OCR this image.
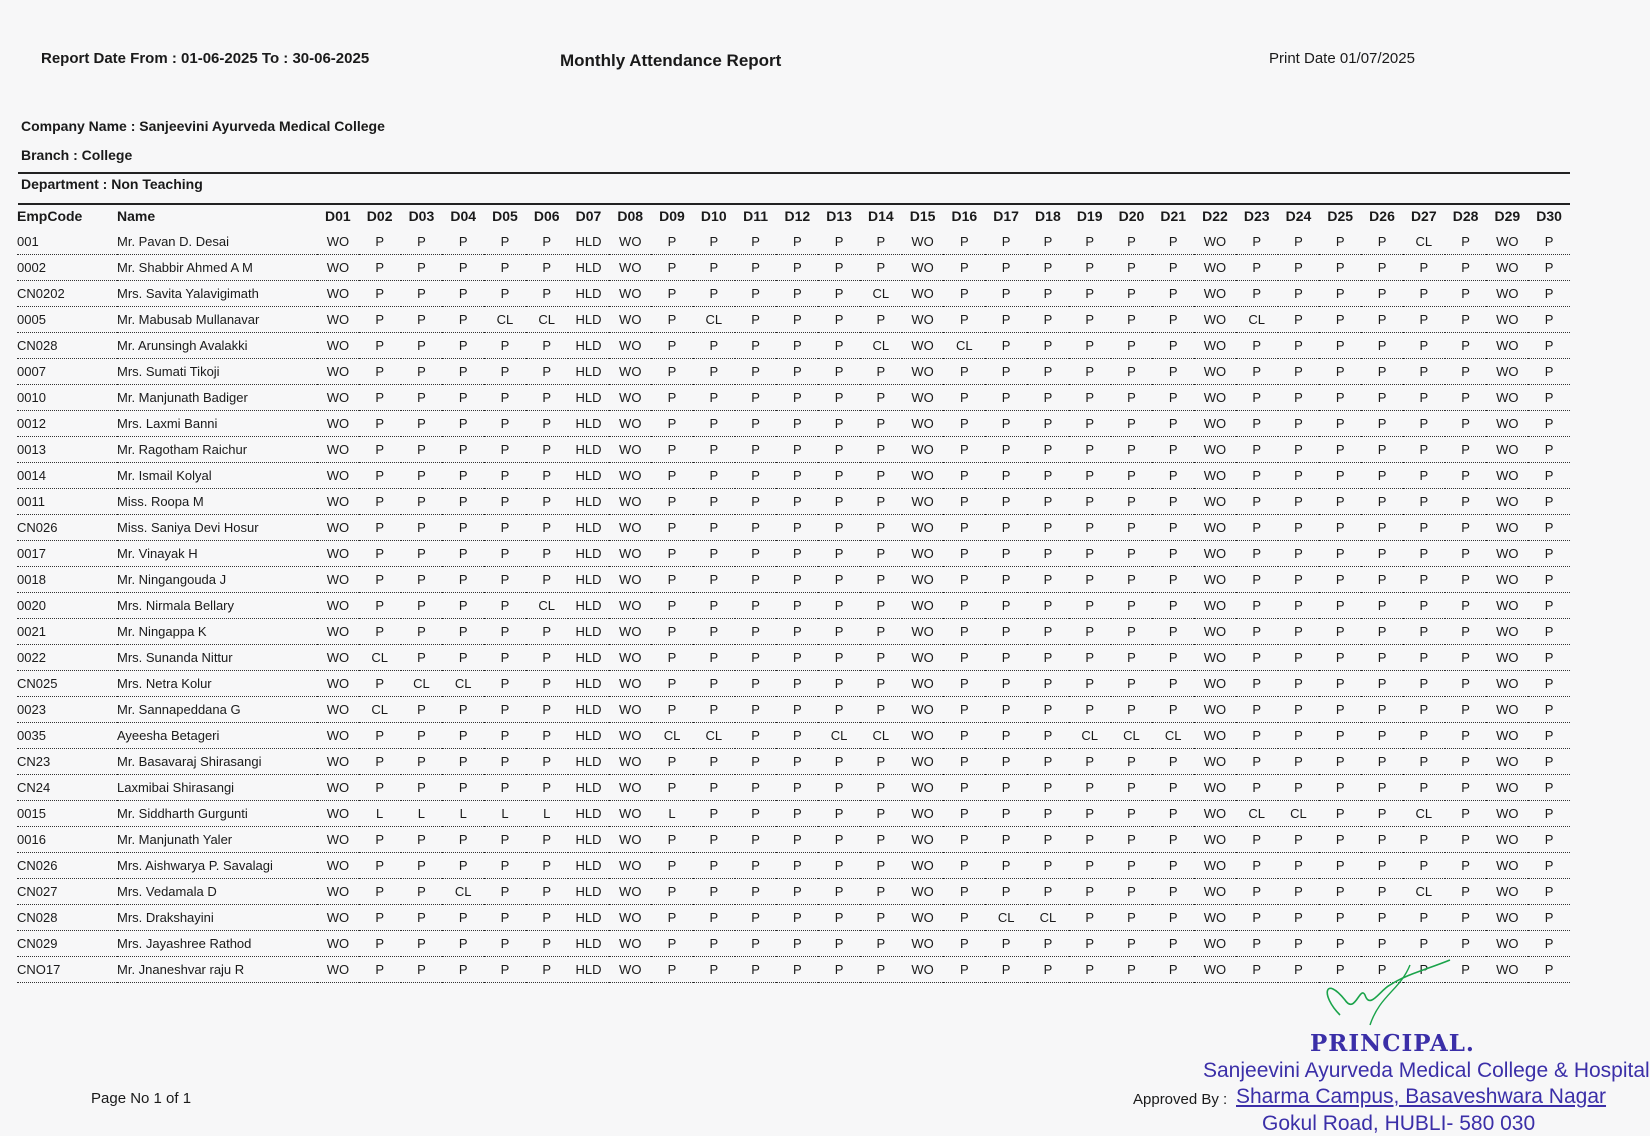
Report Date From : 01-06-2025 To : 30-06-2025	Monthly Attendance Report	Print Date 01/07/2025
Company Name : Sanjeevini Ayurveda Medical College
Branch : College
Department : Non Teaching
EmpCode	Name	D01	D02	D03	D04	D05	D06	D07	D08	D09	D10	D11	D12	D13	D14	D15	D16	D17	D18	D19	D20	D21	D22	D23	D24	D25	D26	D27	D28	D29	D30
001	Mr. Pavan D. Desai	WO	P	P	P	P	P	HLD	WO	P	P	P	P	P	P	WO	P	P	P	P	P	P	WO	P	P	P	P	CL	P	WO	P
0002	Mr. Shabbir Ahmed A M	WO	P	P	P	P	P	HLD	WO	P	P	P	P	P	P	WO	P	P	P	P	P	P	WO	P	P	P	P	P	P	WO	P
CN0202	Mrs. Savita Yalavigimath	WO	P	P	P	P	P	HLD	WO	P	P	P	P	P	CL	WO	P	P	P	P	P	P	WO	P	P	P	P	P	P	WO	P
0005	Mr. Mabusab Mullanavar	WO	P	P	P	CL	CL	HLD	WO	P	CL	P	P	P	P	WO	P	P	P	P	P	P	WO	CL	P	P	P	P	P	WO	P
CN028	Mr. Arunsingh Avalakki	WO	P	P	P	P	P	HLD	WO	P	P	P	P	P	CL	WO	CL	P	P	P	P	P	WO	P	P	P	P	P	P	WO	P
0007	Mrs. Sumati Tikoji	WO	P	P	P	P	P	HLD	WO	P	P	P	P	P	P	WO	P	P	P	P	P	P	WO	P	P	P	P	P	P	WO	P
0010	Mr. Manjunath Badiger	WO	P	P	P	P	P	HLD	WO	P	P	P	P	P	P	WO	P	P	P	P	P	P	WO	P	P	P	P	P	P	WO	P
0012	Mrs. Laxmi Banni	WO	P	P	P	P	P	HLD	WO	P	P	P	P	P	P	WO	P	P	P	P	P	P	WO	P	P	P	P	P	P	WO	P
0013	Mr. Ragotham Raichur	WO	P	P	P	P	P	HLD	WO	P	P	P	P	P	P	WO	P	P	P	P	P	P	WO	P	P	P	P	P	P	WO	P
0014	Mr. Ismail Kolyal	WO	P	P	P	P	P	HLD	WO	P	P	P	P	P	P	WO	P	P	P	P	P	P	WO	P	P	P	P	P	P	WO	P
0011	Miss. Roopa M	WO	P	P	P	P	P	HLD	WO	P	P	P	P	P	P	WO	P	P	P	P	P	P	WO	P	P	P	P	P	P	WO	P
CN026	Miss. Saniya Devi Hosur	WO	P	P	P	P	P	HLD	WO	P	P	P	P	P	P	WO	P	P	P	P	P	P	WO	P	P	P	P	P	P	WO	P
0017	Mr. Vinayak H	WO	P	P	P	P	P	HLD	WO	P	P	P	P	P	P	WO	P	P	P	P	P	P	WO	P	P	P	P	P	P	WO	P
0018	Mr. Ningangouda J	WO	P	P	P	P	P	HLD	WO	P	P	P	P	P	P	WO	P	P	P	P	P	P	WO	P	P	P	P	P	P	WO	P
0020	Mrs. Nirmala Bellary	WO	P	P	P	P	CL	HLD	WO	P	P	P	P	P	P	WO	P	P	P	P	P	P	WO	P	P	P	P	P	P	WO	P
0021	Mr. Ningappa K	WO	P	P	P	P	P	HLD	WO	P	P	P	P	P	P	WO	P	P	P	P	P	P	WO	P	P	P	P	P	P	WO	P
0022	Mrs. Sunanda Nittur	WO	CL	P	P	P	P	HLD	WO	P	P	P	P	P	P	WO	P	P	P	P	P	P	WO	P	P	P	P	P	P	WO	P
CN025	Mrs. Netra Kolur	WO	P	CL	CL	P	P	HLD	WO	P	P	P	P	P	P	WO	P	P	P	P	P	P	WO	P	P	P	P	P	P	WO	P
0023	Mr. Sannapeddana G	WO	CL	P	P	P	P	HLD	WO	P	P	P	P	P	P	WO	P	P	P	P	P	P	WO	P	P	P	P	P	P	WO	P
0035	Ayeesha Betageri	WO	P	P	P	P	P	HLD	WO	CL	CL	P	P	CL	CL	WO	P	P	P	CL	CL	CL	WO	P	P	P	P	P	P	WO	P
CN23	Mr. Basavaraj Shirasangi	WO	P	P	P	P	P	HLD	WO	P	P	P	P	P	P	WO	P	P	P	P	P	P	WO	P	P	P	P	P	P	WO	P
CN24	Laxmibai Shirasangi	WO	P	P	P	P	P	HLD	WO	P	P	P	P	P	P	WO	P	P	P	P	P	P	WO	P	P	P	P	P	P	WO	P
0015	Mr. Siddharth Gurgunti	WO	L	L	L	L	L	HLD	WO	L	P	P	P	P	P	WO	P	P	P	P	P	P	WO	CL	CL	P	P	CL	P	WO	P
0016	Mr. Manjunath Yaler	WO	P	P	P	P	P	HLD	WO	P	P	P	P	P	P	WO	P	P	P	P	P	P	WO	P	P	P	P	P	P	WO	P
CN026	Mrs. Aishwarya P. Savalagi	WO	P	P	P	P	P	HLD	WO	P	P	P	P	P	P	WO	P	P	P	P	P	P	WO	P	P	P	P	P	P	WO	P
CN027	Mrs. Vedamala D	WO	P	P	CL	P	P	HLD	WO	P	P	P	P	P	P	WO	P	P	P	P	P	P	WO	P	P	P	P	CL	P	WO	P
CN028	Mrs. Drakshayini	WO	P	P	P	P	P	HLD	WO	P	P	P	P	P	P	WO	P	CL	CL	P	P	P	WO	P	P	P	P	P	P	WO	P
CN029	Mrs. Jayashree Rathod	WO	P	P	P	P	P	HLD	WO	P	P	P	P	P	P	WO	P	P	P	P	P	P	WO	P	P	P	P	P	P	WO	P
CNO17	Mr. Jnaneshvar raju R	WO	P	P	P	P	P	HLD	WO	P	P	P	P	P	P	WO	P	P	P	P	P	P	WO	P	P	P	P	P	P	WO	P
PRINCIPAL.
Sanjeevini Ayurveda Medical College & Hospital
Sharma Campus, Basaveshwara Nagar
Gokul Road, HUBLI- 580 030
Page No 1 of 1	Approved By :
